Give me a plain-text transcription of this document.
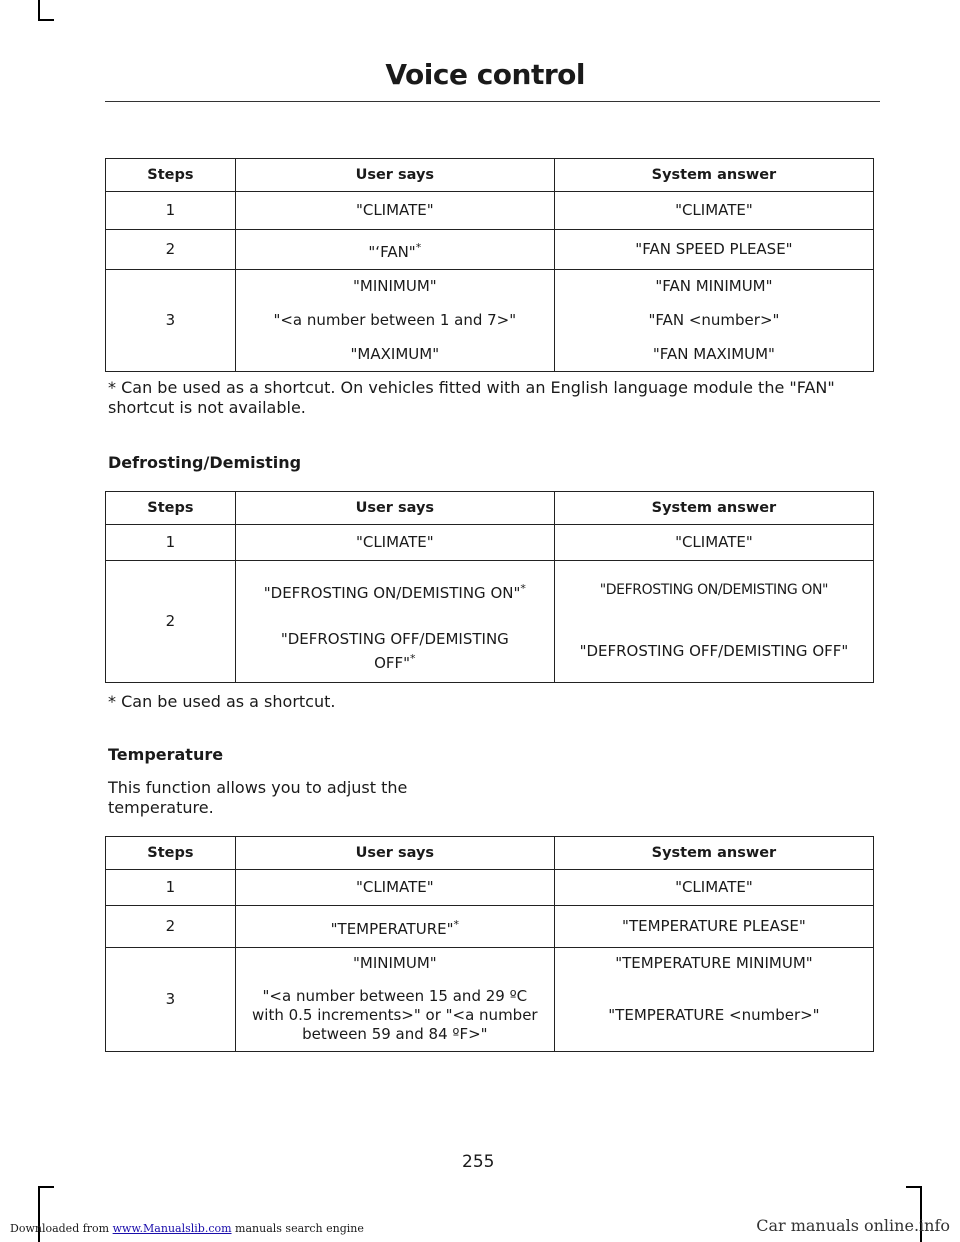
Voice control
Steps	User says	System answer
1	"CLIMATE"	"CLIMATE"
2	"‘FAN"*	"FAN SPEED PLEASE"
3	"MINIMUM"	"FAN MINIMUM"
	"<a number between 1 and 7>"	"FAN <number>"
	"MAXIMUM"	"FAN MAXIMUM"
* Can be used as a shortcut. On vehicles fitted with an English language module the "FAN" shortcut is not available.
Defrosting/Demisting
Steps	User says	System answer
1	"CLIMATE"	"CLIMATE"
2	"DEFROSTING ON/DEMISTING ON"*	"DEFROSTING ON/DEMISTING ON"
	"DEFROSTING OFF/DEMISTING OFF"*	"DEFROSTING OFF/DEMISTING OFF"
* Can be used as a shortcut.
Temperature
This function allows you to adjust the temperature.
Steps	User says	System answer
1	"CLIMATE"	"CLIMATE"
2	"TEMPERATURE"*	"TEMPERATURE PLEASE"
3	"MINIMUM"	"TEMPERATURE MINIMUM"
	"<a number between 15 and 29 ºC with 0.5 increments>" or "<a number between 59 and 84 ºF>"	"TEMPERATURE <number>"
255
Downloaded from www.Manualslib.com manuals search engine	Car manuals online.info
